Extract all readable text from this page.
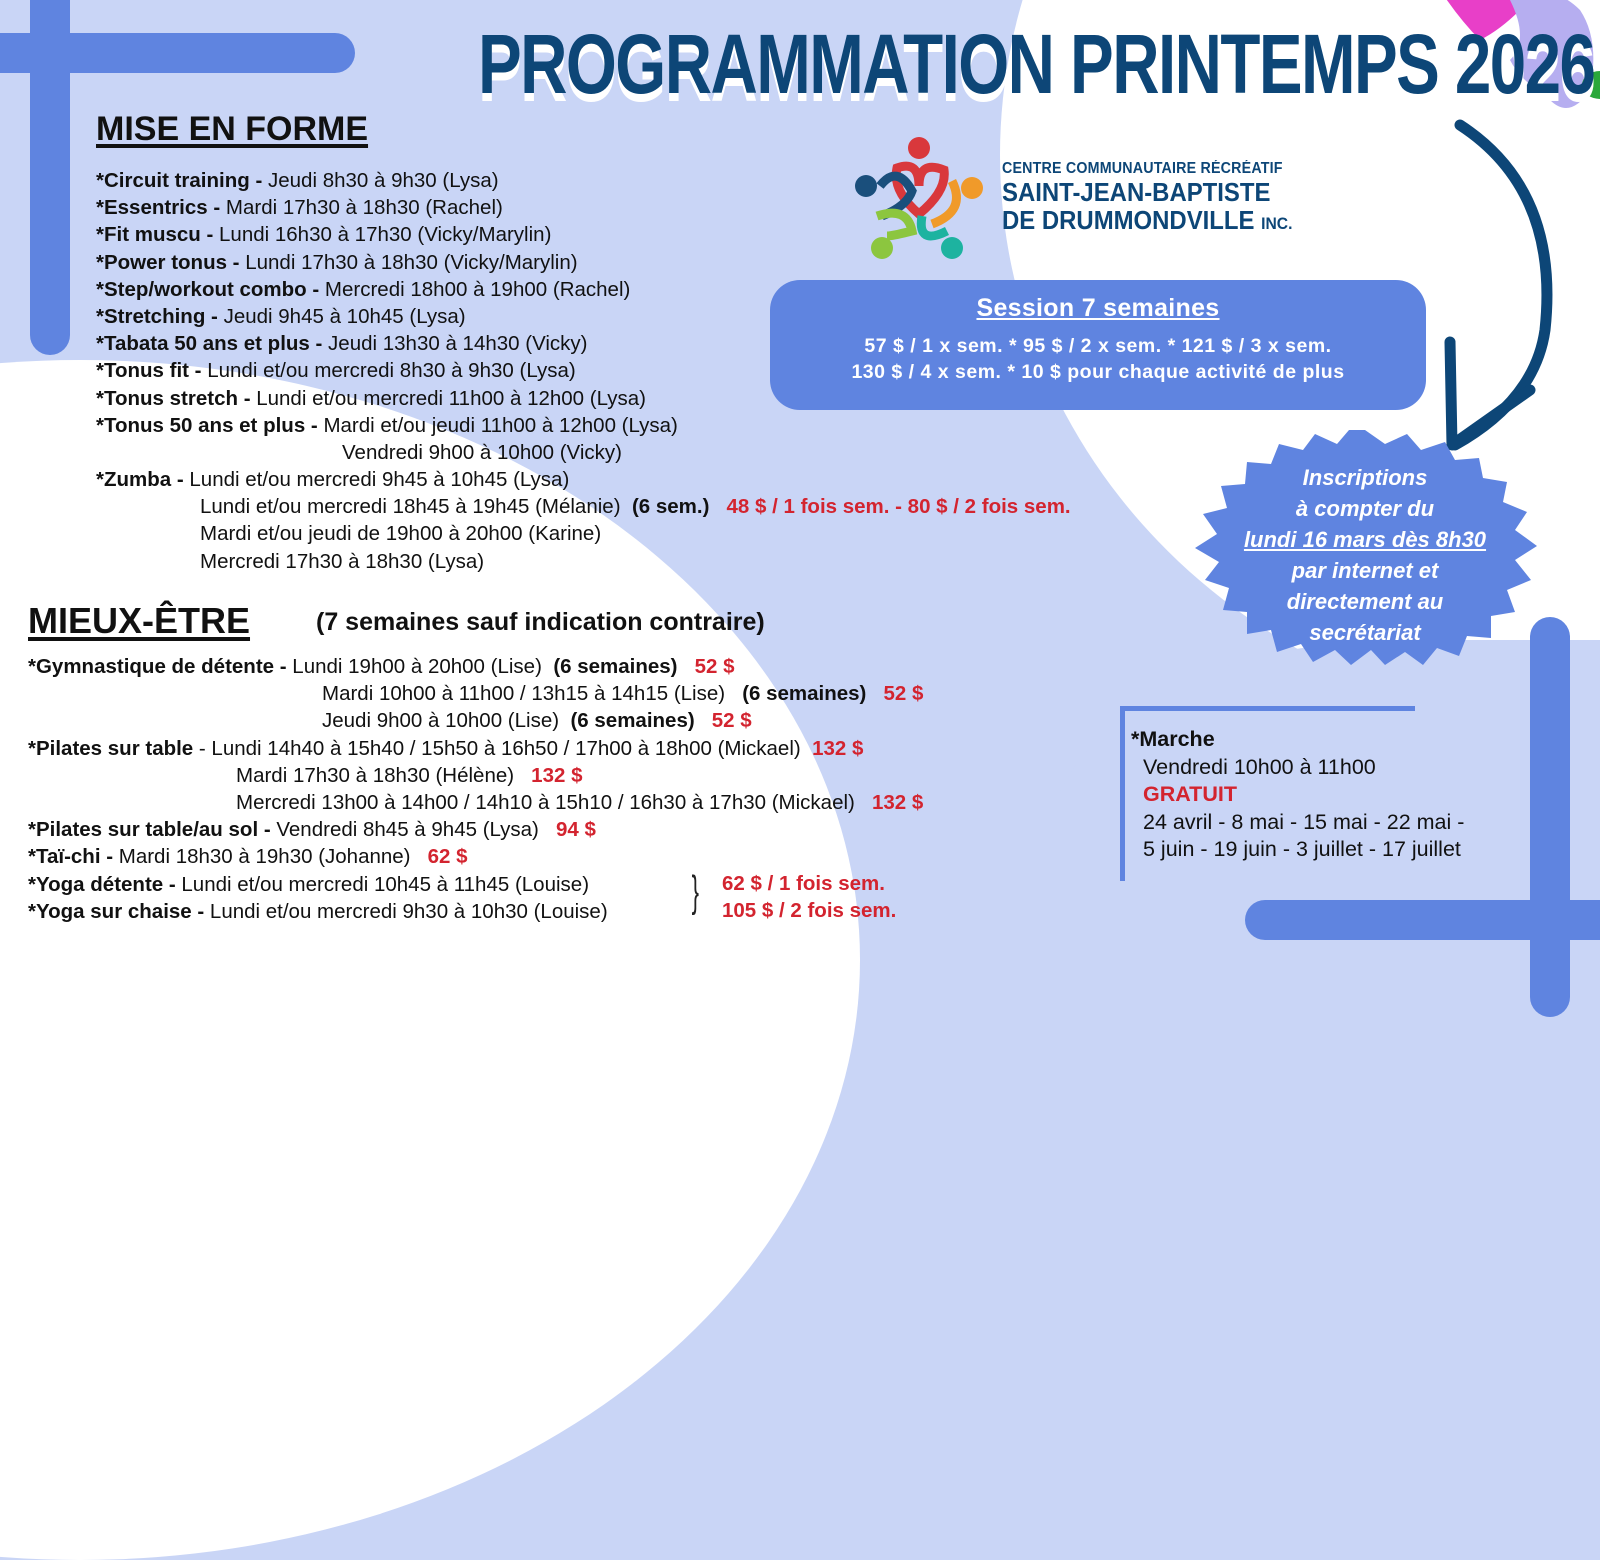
PROGRAMMATION PRINTEMPS 2026
CENTRE COMMUNAUTAIRE RÉCRÉATIF
SAINT-JEAN-BAPTISTE
DE DRUMMONDVILLE INC.
MISE EN FORME
*Circuit training - Jeudi 8h30 à 9h30 (Lysa)
*Essentrics - Mardi 17h30 à 18h30 (Rachel)
*Fit muscu - Lundi 16h30 à 17h30 (Vicky/Marylin)
*Power tonus - Lundi 17h30 à 18h30 (Vicky/Marylin)
*Step/workout combo - Mercredi 18h00 à 19h00 (Rachel)
*Stretching - Jeudi 9h45 à 10h45 (Lysa)
*Tabata 50 ans et plus - Jeudi 13h30 à 14h30 (Vicky)
*Tonus fit - Lundi et/ou mercredi 8h30 à 9h30 (Lysa)
*Tonus stretch - Lundi et/ou mercredi 11h00 à 12h00 (Lysa)
*Tonus 50 ans et plus - Mardi et/ou jeudi 11h00 à 12h00 (Lysa)
Vendredi 9h00 à 10h00 (Vicky)
*Zumba - Lundi et/ou mercredi 9h45 à 10h45 (Lysa)
Lundi et/ou mercredi 18h45 à 19h45 (Mélanie) (6 sem.) 48 $ / 1 fois sem. - 80 $ / 2 fois sem.
Mardi et/ou jeudi de 19h00 à 20h00 (Karine)
Mercredi 17h30 à 18h30 (Lysa)
Session 7 semaines
57 $ / 1 x sem. * 95 $ / 2 x sem. * 121 $ / 3 x sem.
130 $ / 4 x sem. * 10 $ pour chaque activité de plus
Inscriptions
à compter du
lundi 16 mars dès 8h30
par internet et
directement au
secrétariat
MIEUX-ÊTRE	(7 semaines sauf indication contraire)
*Gymnastique de détente - Lundi 19h00 à 20h00 (Lise) (6 semaines) 52 $
Mardi 10h00 à 11h00 / 13h15 à 14h15 (Lise) (6 semaines) 52 $
Jeudi 9h00 à 10h00 (Lise) (6 semaines) 52 $
*Pilates sur table - Lundi 14h40 à 15h40 / 15h50 à 16h50 / 17h00 à 18h00 (Mickael) 132 $
Mardi 17h30 à 18h30 (Hélène) 132 $
Mercredi 13h00 à 14h00 / 14h10 à 15h10 / 16h30 à 17h30 (Mickael) 132 $
*Pilates sur table/au sol - Vendredi 8h45 à 9h45 (Lysa) 94 $
*Taï-chi - Mardi 18h30 à 19h30 (Johanne) 62 $
*Yoga détente - Lundi et/ou mercredi 10h45 à 11h45 (Louise)
*Yoga sur chaise - Lundi et/ou mercredi 9h30 à 10h30 (Louise)	} 62 $ / 1 fois sem.
105 $ / 2 fois sem.
*Marche
Vendredi 10h00 à 11h00
GRATUIT
24 avril - 8 mai - 15 mai - 22 mai -
5 juin - 19 juin - 3 juillet - 17 juillet
